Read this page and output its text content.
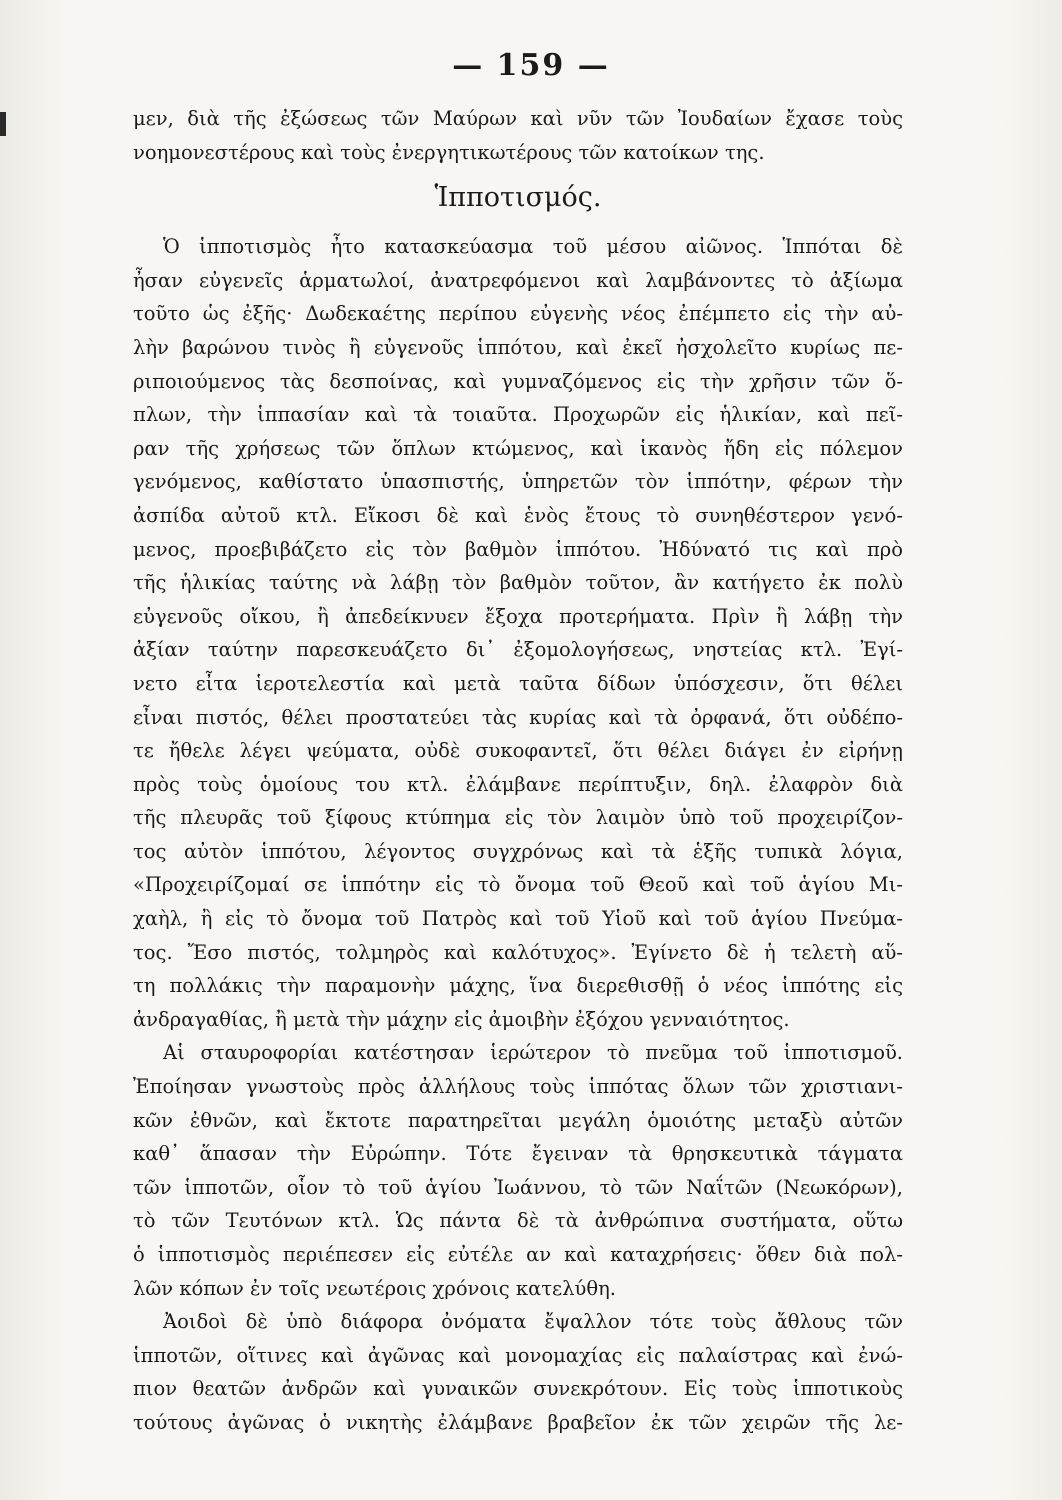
— 159 —
μεν, διὰ τῆς ἐξώσεως τῶν Μαύρων καὶ νῦν τῶν Ἰουδαίων ἔχασε τοὺς
νοημονεστέρους καὶ τοὺς ἐνεργητικωτέρους τῶν κατοίκων της.
Ἱπποτισμός.
Ὁ ἱπποτισμὸς ἦτο κατασκεύασμα τοῦ μέσου αἰῶνος. Ἱππόται δὲ
ἦσαν εὐγενεῖς ἁρματωλοί, ἀνατρεφόμενοι καὶ λαμβάνοντες τὸ ἀξίωμα
τοῦτο ὡς ἐξῆς· Δωδεκαέτης περίπου εὐγενὴς νέος ἐπέμπετο εἰς τὴν αὐ-
λὴν βαρώνου τινὸς ἢ εὐγενοῦς ἱππότου, καὶ ἐκεῖ ἠσχολεῖτο κυρίως πε-
ριποιούμενος τὰς δεσποίνας, καὶ γυμναζόμενος εἰς τὴν χρῆσιν τῶν ὅ-
πλων, τὴν ἱππασίαν καὶ τὰ τοιαῦτα. Προχωρῶν εἰς ἡλικίαν, καὶ πεῖ-
ραν τῆς χρήσεως τῶν ὅπλων κτώμενος, καὶ ἱκανὸς ἤδη εἰς πόλεμον
γενόμενος, καθίστατο ὑπασπιστής, ὑπηρετῶν τὸν ἱππότην, φέρων τὴν
ἀσπίδα αὐτοῦ κτλ. Εἴκοσι δὲ καὶ ἑνὸς ἔτους τὸ συνηθέστερον γενό-
μενος, προεβιβάζετο εἰς τὸν βαθμὸν ἱππότου. Ἠδύνατό τις καὶ πρὸ
τῆς ἡλικίας ταύτης νὰ λάβῃ τὸν βαθμὸν τοῦτον, ἂν κατήγετο ἐκ πολὺ
εὐγενοῦς οἴκου, ἢ ἀπεδείκνυεν ἔξοχα προτερήματα. Πρὶν ἢ λάβῃ τὴν
ἀξίαν ταύτην παρεσκευάζετο δι᾽ ἐξομολογήσεως, νηστείας κτλ. Ἐγί-
νετο εἶτα ἱεροτελεστία καὶ μετὰ ταῦτα δίδων ὑπόσχεσιν, ὅτι θέλει
εἶναι πιστός, θέλει προστατεύει τὰς κυρίας καὶ τὰ ὀρφανά, ὅτι οὐδέπο-
τε ἤθελε λέγει ψεύματα, οὐδὲ συκοφαντεῖ, ὅτι θέλει διάγει ἐν εἰρήνῃ
πρὸς τοὺς ὁμοίους του κτλ. ἐλάμβανε περίπτυξιν, δηλ. ἐλαφρὸν διὰ
τῆς πλευρᾶς τοῦ ξίφους κτύπημα εἰς τὸν λαιμὸν ὑπὸ τοῦ προχειρίζον-
τος αὐτὸν ἱππότου, λέγοντος συγχρόνως καὶ τὰ ἑξῆς τυπικὰ λόγια,
«Προχειρίζομαί σε ἱππότην εἰς τὸ ὄνομα τοῦ Θεοῦ καὶ τοῦ ἁγίου Μι-
χαὴλ, ἢ εἰς τὸ ὄνομα τοῦ Πατρὸς καὶ τοῦ Υἱοῦ καὶ τοῦ ἁγίου Πνεύμα-
τος. Ἔσο πιστός, τολμηρὸς καὶ καλότυχος». Ἐγίνετο δὲ ἡ τελετὴ αὕ-
τη πολλάκις τὴν παραμονὴν μάχης, ἵνα διερεθισθῇ ὁ νέος ἱππότης εἰς
ἀνδραγαθίας, ἢ μετὰ τὴν μάχην εἰς ἀμοιβὴν ἐξόχου γενναιότητος.
Αἱ σταυροφορίαι κατέστησαν ἱερώτερον τὸ πνεῦμα τοῦ ἱπποτισμοῦ.
Ἐποίησαν γνωστοὺς πρὸς ἀλλήλους τοὺς ἱππότας ὅλων τῶν χριστιανι-
κῶν ἐθνῶν, καὶ ἔκτοτε παρατηρεῖται μεγάλη ὁμοιότης μεταξὺ αὐτῶν
καθ᾽ ἅπασαν τὴν Εὐρώπην. Τότε ἔγειναν τὰ θρησκευτικὰ τάγματα
τῶν ἱπποτῶν, οἷον τὸ τοῦ ἁγίου Ἰωάννου, τὸ τῶν Ναΐτῶν (Νεωκόρων),
τὸ τῶν Τευτόνων κτλ. Ὡς πάντα δὲ τὰ ἀνθρώπινα συστήματα, οὕτω
ὁ ἱπποτισμὸς περιέπεσεν εἰς εὐτέλε αν καὶ καταχρήσεις· ὅθεν διὰ πολ-
λῶν κόπων ἐν τοῖς νεωτέροις χρόνοις κατελύθη.
Ἀοιδοὶ δὲ ὑπὸ διάφορα ὀνόματα ἔψαλλον τότε τοὺς ἄθλους τῶν
ἱπποτῶν, οἵτινες καὶ ἀγῶνας καὶ μονομαχίας εἰς παλαίστρας καὶ ἐνώ-
πιον θεατῶν ἀνδρῶν καὶ γυναικῶν συνεκρότουν. Εἰς τοὺς ἱπποτικοὺς
τούτους ἀγῶνας ὁ νικητὴς ἐλάμβανε βραβεῖον ἐκ τῶν χειρῶν τῆς λε-
